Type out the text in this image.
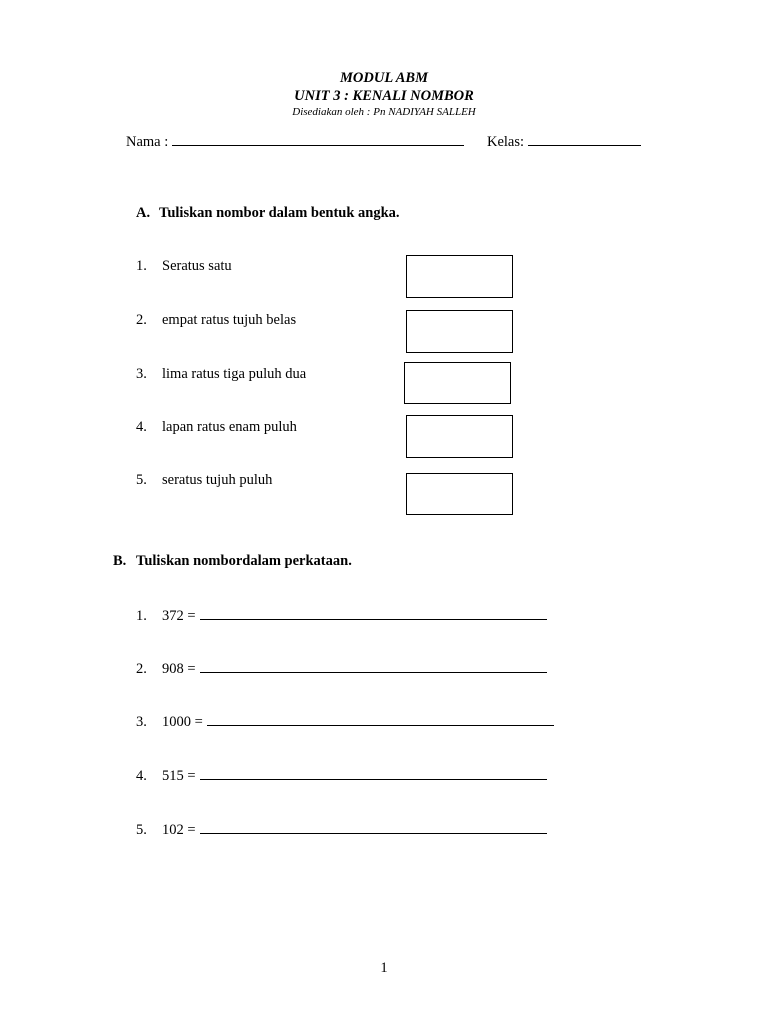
MODUL ABM
UNIT 3 : KENALI NOMBOR
Disediakan oleh : Pn NADIYAH SALLEH
Nama :	Kelas:
A. Tuliskan nombor dalam bentuk angka.
1. Seratus satu
2. empat ratus tujuh belas
3. lima ratus tiga puluh dua
4. lapan ratus enam puluh
5. seratus tujuh puluh
B. Tuliskan nombordalam perkataan.
1. 372 =
2. 908 =
3. 1000 =
4. 515 =
5. 102 =
1
